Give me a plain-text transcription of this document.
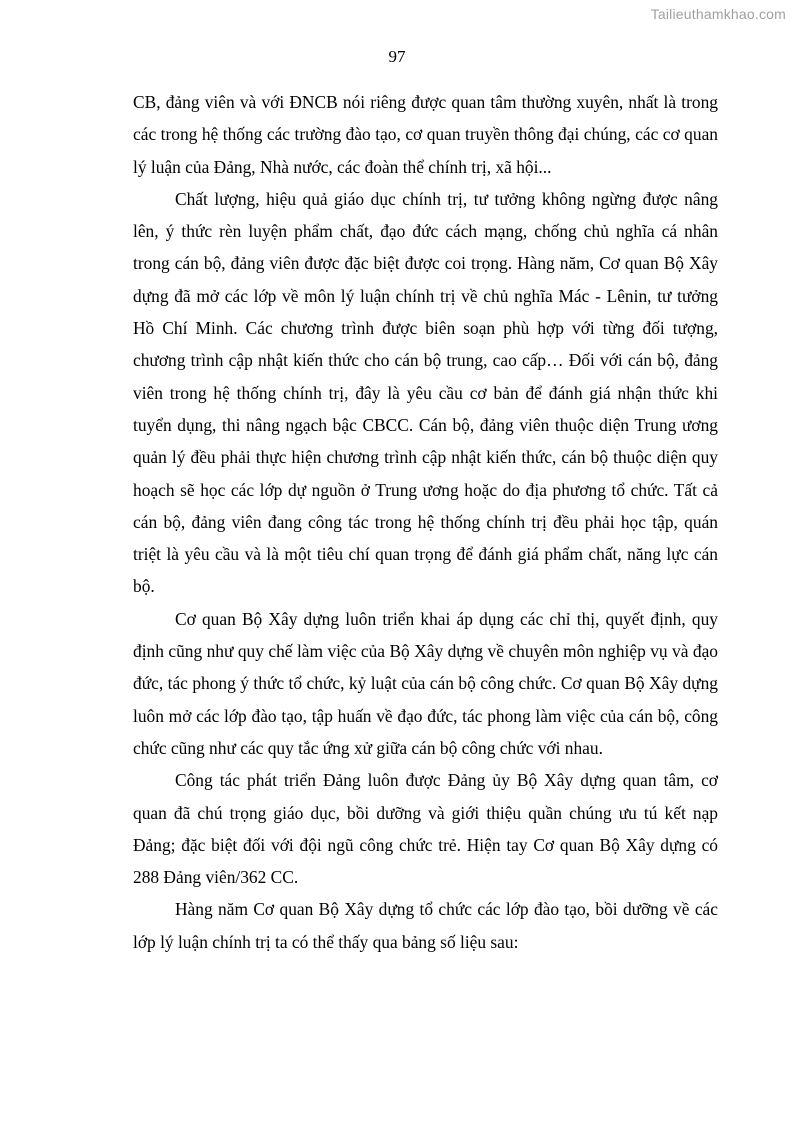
Tailieuthamkhao.com
97

CB, đảng viên và với ĐNCB nói riêng được quan tâm thường xuyên, nhất là trong các trong hệ thống các trường đào tạo, cơ quan truyền thông đại chúng, các cơ quan lý luận của Đảng, Nhà nước, các đoàn thể chính trị, xã hội...

Chất lượng, hiệu quả giáo dục chính trị, tư tưởng không ngừng được nâng lên, ý thức rèn luyện phẩm chất, đạo đức cách mạng, chống chủ nghĩa cá nhân trong cán bộ, đảng viên được đặc biệt được coi trọng. Hàng năm, Cơ quan Bộ Xây dựng đã mở các lớp về môn lý luận chính trị về chủ nghĩa Mác - Lênin, tư tưởng Hồ Chí Minh. Các chương trình được biên soạn phù hợp với từng đối tượng, chương trình cập nhật kiến thức cho cán bộ trung, cao cấp… Đối với cán bộ, đảng viên trong hệ thống chính trị, đây là yêu cầu cơ bản để đánh giá nhận thức khi tuyển dụng, thi nâng ngạch bậc CBCC. Cán bộ, đảng viên thuộc diện Trung ương quản lý đều phải thực hiện chương trình cập nhật kiến thức, cán bộ thuộc diện quy hoạch sẽ học các lớp dự nguồn ở Trung ương hoặc do địa phương tổ chức. Tất cả cán bộ, đảng viên đang công tác trong hệ thống chính trị đều phải học tập, quán triệt là yêu cầu và là một tiêu chí quan trọng để đánh giá phẩm chất, năng lực cán bộ.

Cơ quan Bộ Xây dựng luôn triển khai áp dụng các chỉ thị, quyết định, quy định cũng như quy chế làm việc của Bộ Xây dựng về chuyên môn nghiệp vụ và đạo đức, tác phong ý thức tổ chức, kỷ luật của cán bộ công chức. Cơ quan Bộ Xây dựng luôn mở các lớp đào tạo, tập huấn về đạo đức, tác phong làm việc của cán bộ, công chức cũng như các quy tắc ứng xử giữa cán bộ công chức với nhau.

Công tác phát triển Đảng luôn được Đảng ủy Bộ Xây dựng quan tâm, cơ quan đã chú trọng giáo dục, bồi dưỡng và giới thiệu quần chúng ưu tú kết nạp Đảng; đặc biệt đối với đội ngũ công chức trẻ. Hiện tay Cơ quan Bộ Xây dựng có 288 Đảng viên/362 CC.

Hàng năm Cơ quan Bộ Xây dựng tổ chức các lớp đào tạo, bồi dưỡng về các lớp lý luận chính trị ta có thể thấy qua bảng số liệu sau:
